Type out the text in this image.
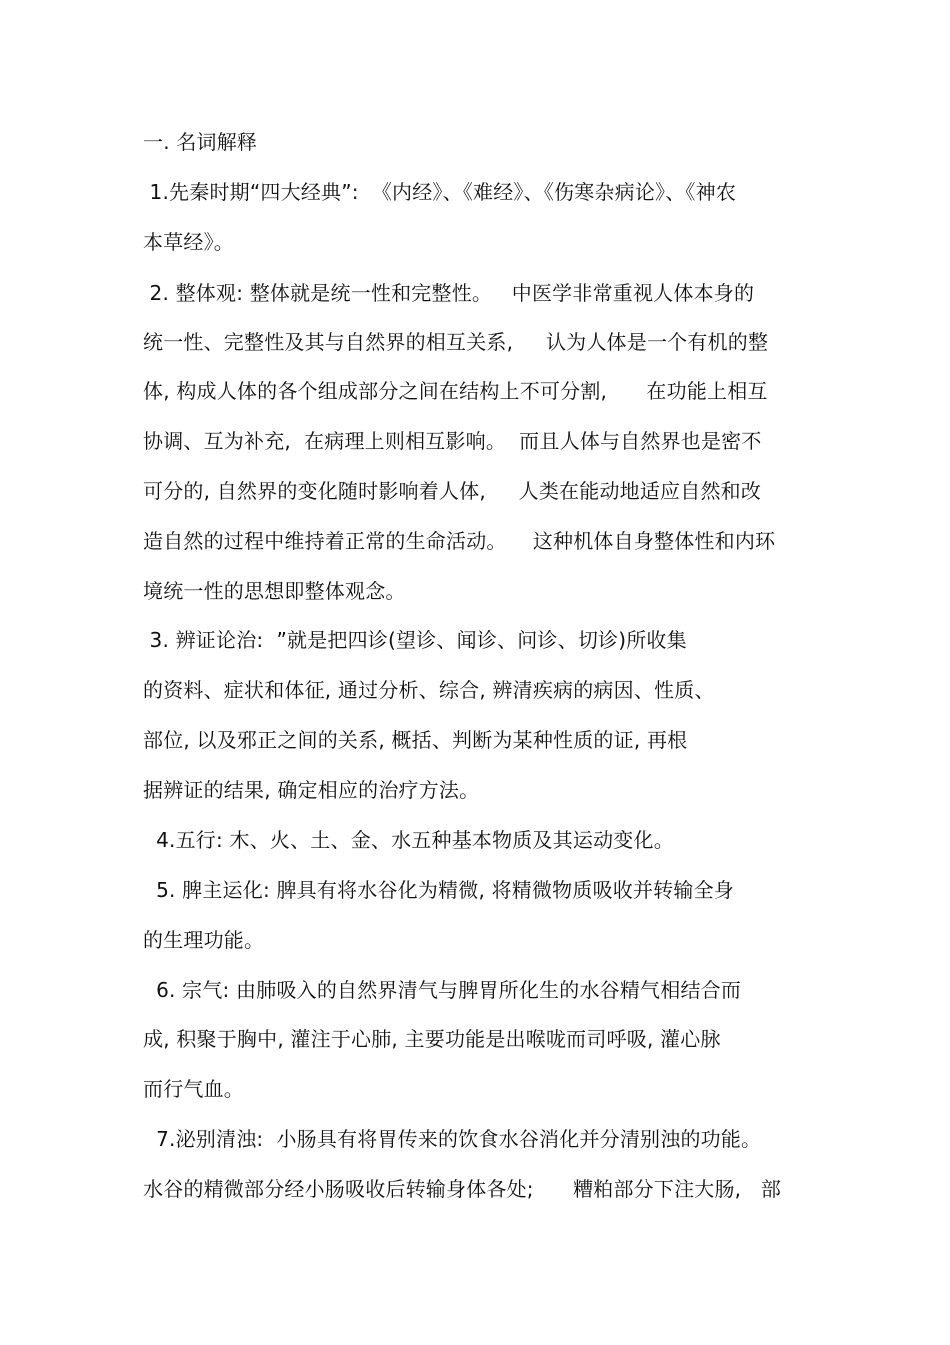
一. 名词解释
1.先秦时期“四大经典”:  《内经》、《难经》、《伤寒杂病论》、《神农
本草经》。
2. 整体观: 整体就是统一性和完整性。   中医学非常重视人体本身的
统一性、完整性及其与自然界的相互关系,     认为人体是一个有机的整
体, 构成人体的各个组成部分之间在结构上不可分割,      在功能上相互
协调、互为补充,  在病理上则相互影响。  而且人体与自然界也是密不
可分的, 自然界的变化随时影响着人体,     人类在能动地适应自然和改
造自然的过程中维持着正常的生命活动。    这种机体自身整体性和内环
境统一性的思想即整体观念。
3. 辨证论治:  ”就是把四诊(望诊、闻诊、问诊、切诊)所收集
的资料、症状和体征, 通过分析、综合, 辨清疾病的病因、性质、
部位, 以及邪正之间的关系, 概括、判断为某种性质的证, 再根
据辨证的结果, 确定相应的治疗方法。
4.五行: 木、火、土、金、水五种基本物质及其运动变化。
5. 脾主运化: 脾具有将水谷化为精微, 将精微物质吸收并转输全身
的生理功能。
6. 宗气: 由肺吸入的自然界清气与脾胃所化生的水谷精气相结合而
成, 积聚于胸中, 灌注于心肺, 主要功能是出喉咙而司呼吸, 灌心脉
而行气血。
7.泌别清浊:  小肠具有将胃传来的饮食水谷消化并分清别浊的功能。
水谷的精微部分经小肠吸收后转输身体各处;      糟粕部分下注大肠,   部
